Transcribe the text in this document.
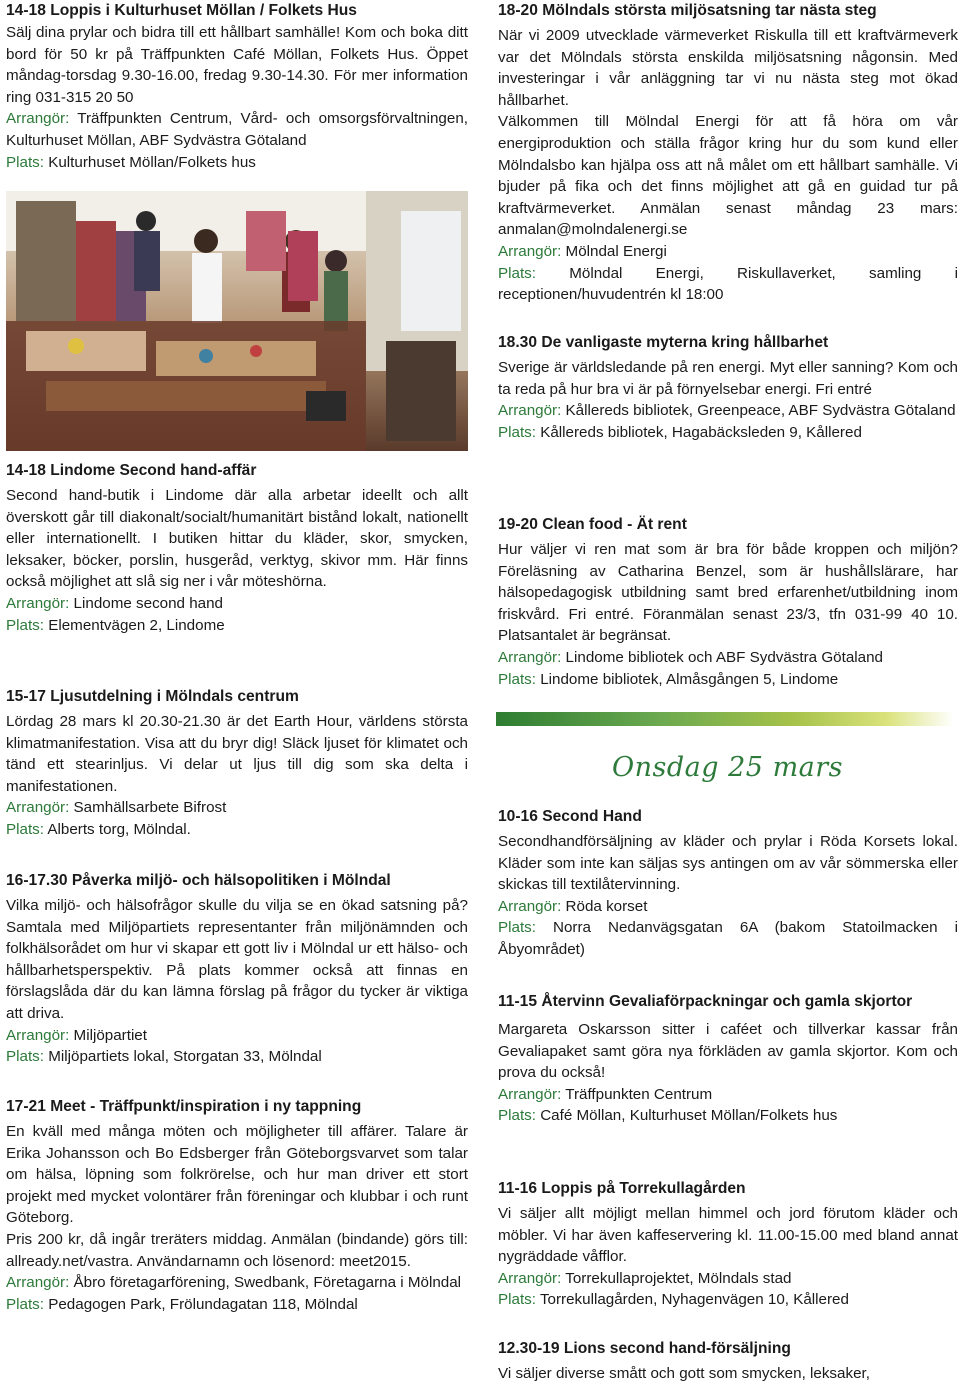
14-18 Loppis i Kulturhuset Möllan / Folkets Hus

Sälj dina prylar och bidra till ett hållbart samhälle! Kom och boka ditt bord för 50 kr på Träffpunkten Café Möllan, Folkets Hus. Öppet måndag-torsdag 9.30-16.00, fredag 9.30-14.30. För mer information ring 031-315 20 50

Arrangör: Träffpunkten Centrum, Vård- och omsorgsförvaltningen, Kulturhuset Möllan, ABF Sydvästra Götaland

Plats: Kulturhuset Möllan/Folkets hus

14-18 Lindome Second hand-affär

Second hand-butik i Lindome där alla arbetar ideellt och allt överskott går till diakonalt/socialt/humanitärt bistånd lokalt, nationellt eller internationellt. I butiken hittar du kläder, skor, smycken, leksaker, böcker, porslin, husgeråd, verktyg, skivor mm. Här finns också möjlighet att slå sig ner i vår möteshörna.

Arrangör: Lindome second hand

Plats: Elementvägen 2, Lindome

15-17 Ljusutdelning i Mölndals centrum

Lördag 28 mars kl 20.30-21.30 är det Earth Hour, världens största klimatmanifestation. Visa att du bryr dig! Släck ljuset för klimatet och tänd ett stearinljus. Vi delar ut ljus till dig som ska delta i manifestationen.

Arrangör: Samhällsarbete Bifrost

Plats: Alberts torg, Mölndal.

16-17.30 Påverka miljö- och hälsopolitiken i Mölndal

Vilka miljö- och hälsofrågor skulle du vilja se en ökad satsning på? Samtala med Miljöpartiets representanter från miljönämnden och folkhälsorådet om hur vi skapar ett gott liv i Mölndal ur ett hälso- och hållbarhetsperspektiv. På plats kommer också att finnas en förslagslåda där du kan lämna förslag på frågor du tycker är viktiga att driva.

Arrangör: Miljöpartiet

Plats: Miljöpartiets lokal, Storgatan 33, Mölndal

17-21 Meet - Träffpunkt/inspiration i ny tappning

En kväll med många möten och möjligheter till affärer. Talare är Erika Johansson och Bo Edsberger från Göteborgsvarvet som talar om hälsa, löpning som folkrörelse, och hur man driver ett stort projekt med mycket volontärer från föreningar och klubbar i och runt Göteborg.

Pris 200 kr, då ingår treräters middag. Anmälan (bindande) görs till: allready.net/vastra. Användarnamn och lösenord: meet2015.

Arrangör: Åbro företagarförening, Swedbank, Företagarna i Mölndal

Plats: Pedagogen Park, Frölundagatan 118, Mölndal

18-20 Mölndals största miljösatsning tar nästa steg

När vi 2009 utvecklade värmeverket Riskulla till ett kraftvärmeverk var det Mölndals största enskilda miljösatsning någonsin. Med investeringar i vår anläggning tar vi nu nästa steg mot ökad hållbarhet.

Välkommen till Mölndal Energi för att få höra om vår energiproduktion och ställa frågor kring hur du som kund eller Mölndalsbo kan hjälpa oss att nå målet om ett hållbart samhälle. Vi bjuder på fika och det finns möjlighet att gå en guidad tur på kraftvärmeverket. Anmälan senast måndag 23 mars: anmalan@molndalenergi.se

Arrangör: Mölndal Energi

Plats: Mölndal Energi, Riskullaverket, samling i receptionen/huvudentrén kl 18:00

18.30 De vanligaste myterna kring hållbarhet

Sverige är världsledande på ren energi. Myt eller sanning? Kom och ta reda på hur bra vi är på förnyelsebar energi. Fri entré

Arrangör: Kållereds bibliotek, Greenpeace, ABF Sydvästra Götaland

Plats: Kållereds bibliotek, Hagabäcksleden 9, Kållered

19-20 Clean food - Ät rent

Hur väljer vi ren mat som är bra för både kroppen och miljön? Föreläsning av Catharina Benzel, som är hushållslärare, har hälsopedagogisk utbildning samt bred erfarenhet/utbildning inom friskvård. Fri entré. Föranmälan senast 23/3, tfn 031-99 40 10. Platsantalet är begränsat.

Arrangör: Lindome bibliotek och ABF Sydvästra Götaland

Plats: Lindome bibliotek, Almåsgången 5, Lindome

Onsdag 25 mars
10-16 Second Hand

Secondhandförsäljning av kläder och prylar i Röda Korsets lokal. Kläder som inte kan säljas sys antingen om av vår sömmerska eller skickas till textilåtervinning.

Arrangör: Röda korset

Plats: Norra Nedanvägsgatan 6A (bakom Statoilmacken i Åbyområdet)

11-15 Återvinn Gevaliaförpackningar och gamla skjortor

Margareta Oskarsson sitter i caféet och tillverkar kassar från Gevaliapaket samt göra nya förkläden av gamla skjortor. Kom och prova du också!

Arrangör: Träffpunkten Centrum

Plats: Café Möllan, Kulturhuset Möllan/Folkets hus

11-16 Loppis på Torrekullagården

Vi säljer allt möjligt mellan himmel och jord förutom kläder och möbler. Vi har även kaffeservering kl. 11.00-15.00 med bland annat nygräddade våfflor.

Arrangör: Torrekullaprojektet, Mölndals stad

Plats: Torrekullagården, Nyhagenvägen 10, Kållered

12.30-19 Lions second hand-försäljning

Vi säljer diverse smått och gott som smycken, leksaker,
